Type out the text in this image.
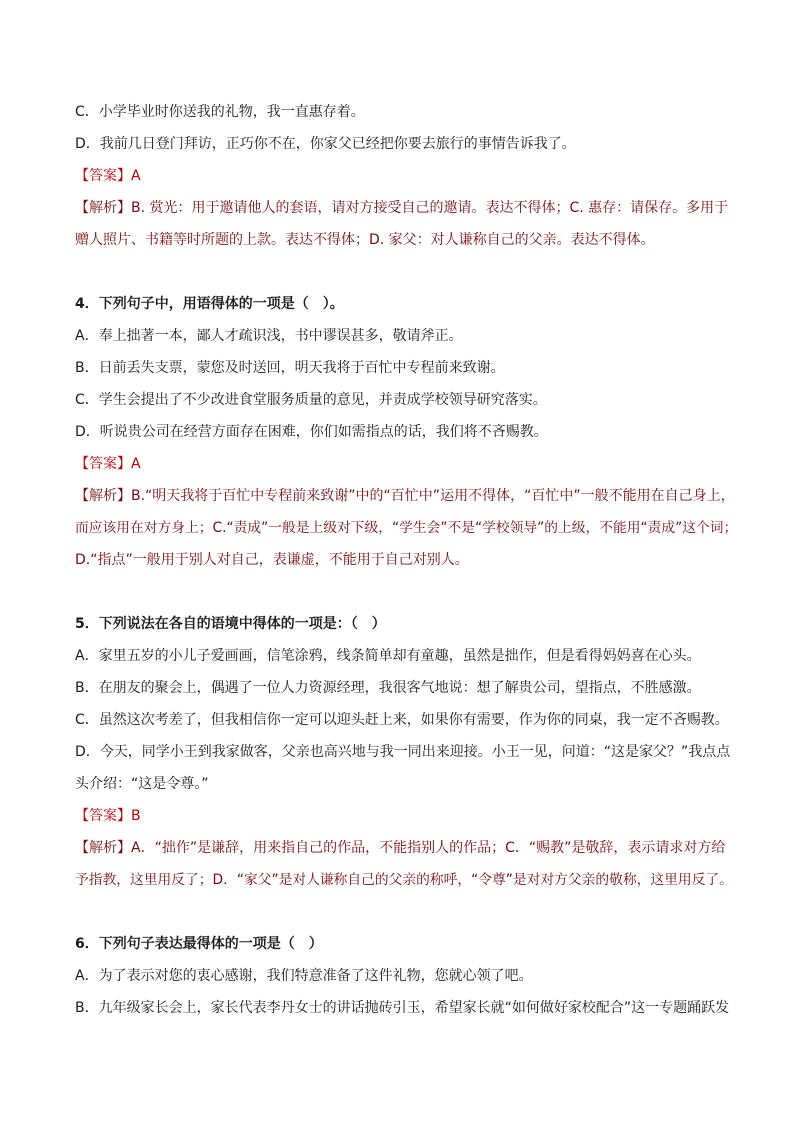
C．小学毕业时你送我的礼物，我一直惠存着。
D．我前几日登门拜访，正巧你不在，你家父已经把你要去旅行的事情告诉我了。
【答案】A
【解析】B. 赏光：用于邀请他人的套语，请对方接受自己的邀请。表达不得体；C. 惠存：请保存。多用于
赠人照片、书籍等时所题的上款。表达不得体；D. 家父：对人谦称自己的父亲。表达不得体。
4．下列句子中，用语得体的一项是（　）。
A．奉上拙著一本，鄙人才疏识浅，书中谬误甚多，敬请斧正。
B．日前丢失支票，蒙您及时送回，明天我将于百忙中专程前来致谢。
C．学生会提出了不少改进食堂服务质量的意见，并责成学校领导研究落实。
D．听说贵公司在经营方面存在困难，你们如需指点的话，我们将不吝赐教。
【答案】A
【解析】B.“明天我将于百忙中专程前来致谢”中的“百忙中”运用不得体，“百忙中”一般不能用在自己身上，
而应该用在对方身上；C.“责成”一般是上级对下级，“学生会”不是“学校领导”的上级，不能用“责成”这个词；
D.“指点”一般用于别人对自己，表谦虚，不能用于自己对别人。
5．下列说法在各自的语境中得体的一项是：（　）
A．家里五岁的小儿子爱画画，信笔涂鸦，线条简单却有童趣，虽然是拙作，但是看得妈妈喜在心头。
B．在朋友的聚会上，偶遇了一位人力资源经理，我很客气地说：想了解贵公司，望指点，不胜感激。
C．虽然这次考差了，但我相信你一定可以迎头赶上来，如果你有需要，作为你的同桌，我一定不吝赐教。
D．今天，同学小王到我家做客，父亲也高兴地与我一同出来迎接。小王一见，问道：“这是家父？”我点点
头介绍：“这是令尊。”
【答案】B
【解析】A．“拙作”是谦辞，用来指自己的作品，不能指别人的作品；C．“赐教”是敬辞，表示请求对方给
予指教，这里用反了；D．“家父”是对人谦称自己的父亲的称呼，“令尊”是对对方父亲的敬称，这里用反了。
6．下列句子表达最得体的一项是（　）
A．为了表示对您的衷心感谢，我们特意准备了这件礼物，您就心领了吧。
B．九年级家长会上，家长代表李丹女士的讲话抛砖引玉，希望家长就“如何做好家校配合”这一专题踊跃发
